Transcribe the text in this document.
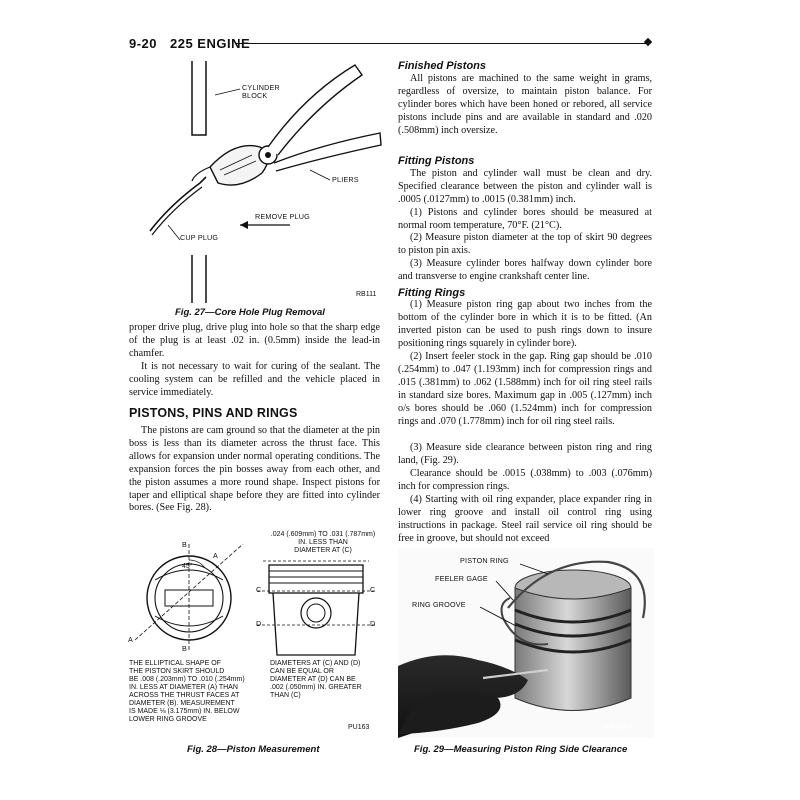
9-20 225 ENGINE
CYLINDER
BLOCK
PLIERS
REMOVE PLUG
CUP PLUG
RB111
Fig. 27—Core Hole Plug Removal
proper drive plug, drive plug into hole so that the sharp edge of the plug is at least .02 in. (0.5mm) inside the lead-in chamfer.
It is not necessary to wait for curing of the sealant. The cooling system can be refilled and the vehicle placed in service immediately.
PISTONS, PINS AND RINGS
The pistons are cam ground so that the diameter at the pin boss is less than its diameter across the thrust face. This allows for expansion under normal operating conditions. The expansion forces the pin bosses away from each other, and the piston assumes a more round shape. Inspect pistons for taper and elliptical shape before they are fitted into cylinder bores. (See Fig. 28).
B
A
45°
A
B
.024 (.609mm) TO .031 (.787mm)
IN. LESS THAN
DIAMETER AT (C)
C	C
D	D
THE ELLIPTICAL SHAPE OF
THE PISTON SKIRT SHOULD
BE .008 (.203mm) TO .010 (.254mm)
IN. LESS AT DIAMETER (A) THAN
ACROSS THE THRUST FACES AT
DIAMETER (B). MEASUREMENT
IS MADE ⅛ (3.175mm) IN. BELOW
LOWER RING GROOVE
DIAMETERS AT (C) AND (D)
CAN BE EQUAL OR
DIAMETER AT (D) CAN BE
.002 (.050mm) IN. GREATER
THAN (C)
PU163
Fig. 28—Piston Measurement
Finished Pistons
All pistons are machined to the same weight in grams, regardless of oversize, to maintain piston balance. For cylinder bores which have been honed or rebored, all service pistons include pins and are available in standard and .020 (.508mm) inch oversize.
Fitting Pistons
The piston and cylinder wall must be clean and dry. Specified clearance between the piston and cylinder wall is .0005 (.0127mm) to .0015 (0.381mm) inch.
(1) Pistons and cylinder bores should be measured at normal room temperature, 70°F. (21°C).
(2) Measure piston diameter at the top of skirt 90 degrees to piston pin axis.
(3) Measure cylinder bores halfway down cylinder bore and transverse to engine crankshaft center line.
Fitting Rings
(1) Measure piston ring gap about two inches from the bottom of the cylinder bore in which it is to be fitted. (An inverted piston can be used to push rings down to insure positioning rings squarely in cylinder bore).
(2) Insert feeler stock in the gap. Ring gap should be .010 (.254mm) to .047 (1.193mm) inch for compression rings and .015 (.381mm) to .062 (1.588mm) inch for oil ring steel rails in standard size bores. Maximum gap in .005 (.127mm) inch o/s bores should be .060 (1.524mm) inch for compression rings and .070 (1.778mm) inch for oil ring steel rails.
(3) Measure side clearance between piston ring and ring land, (Fig. 29).
Clearance should be .0015 (.038mm) to .003 (.076mm) inch for compression rings.
(4) Starting with oil ring expander, place expander ring in lower ring groove and install oil control ring using instructions in package. Steel rail service oil ring should be free in groove, but should not exceed
PISTON RING
FEELER GAGE
RING GROOVE
KR165 A
Fig. 29—Measuring Piston Ring Side Clearance
